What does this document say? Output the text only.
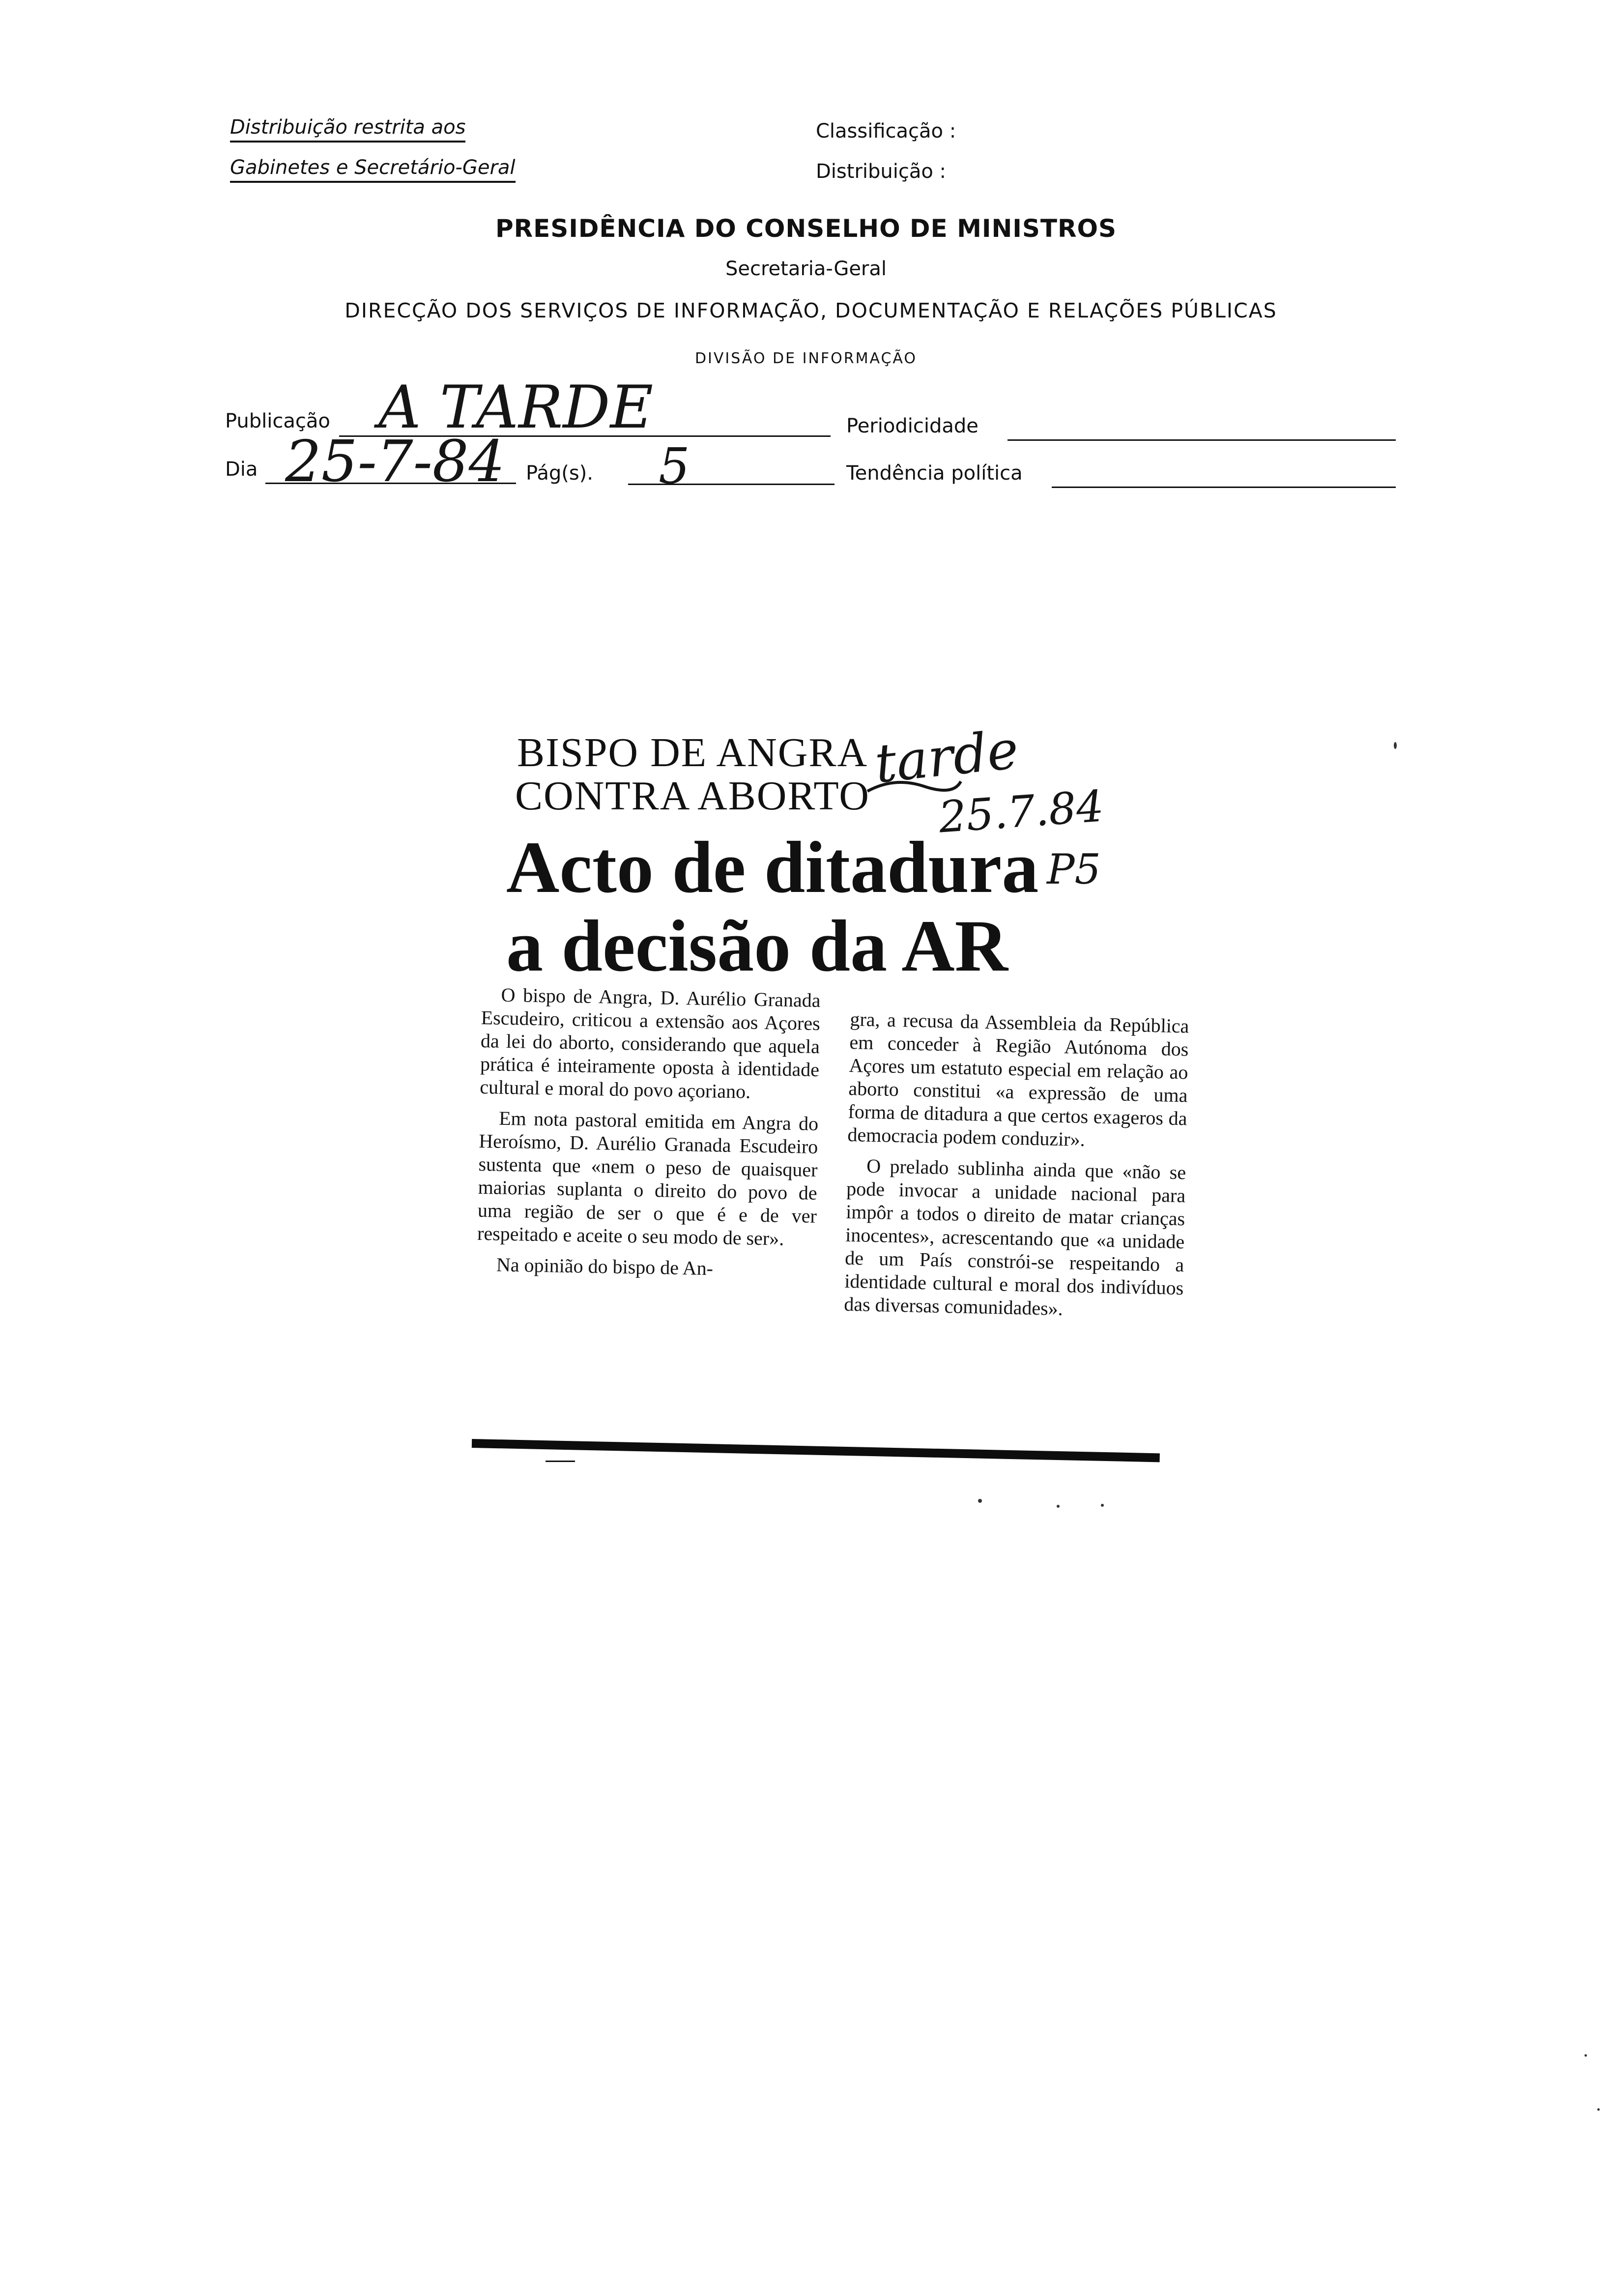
Distribuição restrita aos
Gabinetes e Secretário-Geral
Classificação :
Distribuição :
PRESIDÊNCIA DO CONSELHO DE MINISTROS
Secretaria-Geral
DIRECÇÃO DOS SERVIÇOS DE INFORMAÇÃO, DOCUMENTAÇÃO E RELAÇÕES PÚBLICAS
DIVISÃO DE INFORMAÇÃO
Publicação A TARDE	Periodicidade
Dia 25-7-84 Pág(s). 5	Tendência política
BISPO DE ANGRA
CONTRA ABORTO
tarde
25.7.84
P5
Acto de ditadura
a decisão da AR

O bispo de Angra, D. Aurélio Granada Escudeiro, criticou a extensão aos Açores da lei do aborto, considerando que aquela prática é inteiramente oposta à identidade cultural e moral do povo açoriano.

Em nota pastoral emitida em Angra do Heroísmo, D. Aurélio Granada Escudeiro sustenta que «nem o peso de quaisquer maiorias suplanta o direito do povo de uma região de ser o que é e de ver respeitado e aceite o seu modo de ser».

Na opinião do bispo de An-

gra, a recusa da Assembleia da República em conceder à Região Autónoma dos Açores um estatuto especial em relação ao aborto constitui «a expressão de uma forma de ditadura a que certos exageros da democracia podem conduzir».

O prelado sublinha ainda que «não se pode invocar a unidade nacional para impôr a todos o direito de matar crianças inocentes», acrescentando que «a unidade de um País constrói-se respeitando a identidade cultural e moral dos indivíduos das diversas comunidades».
